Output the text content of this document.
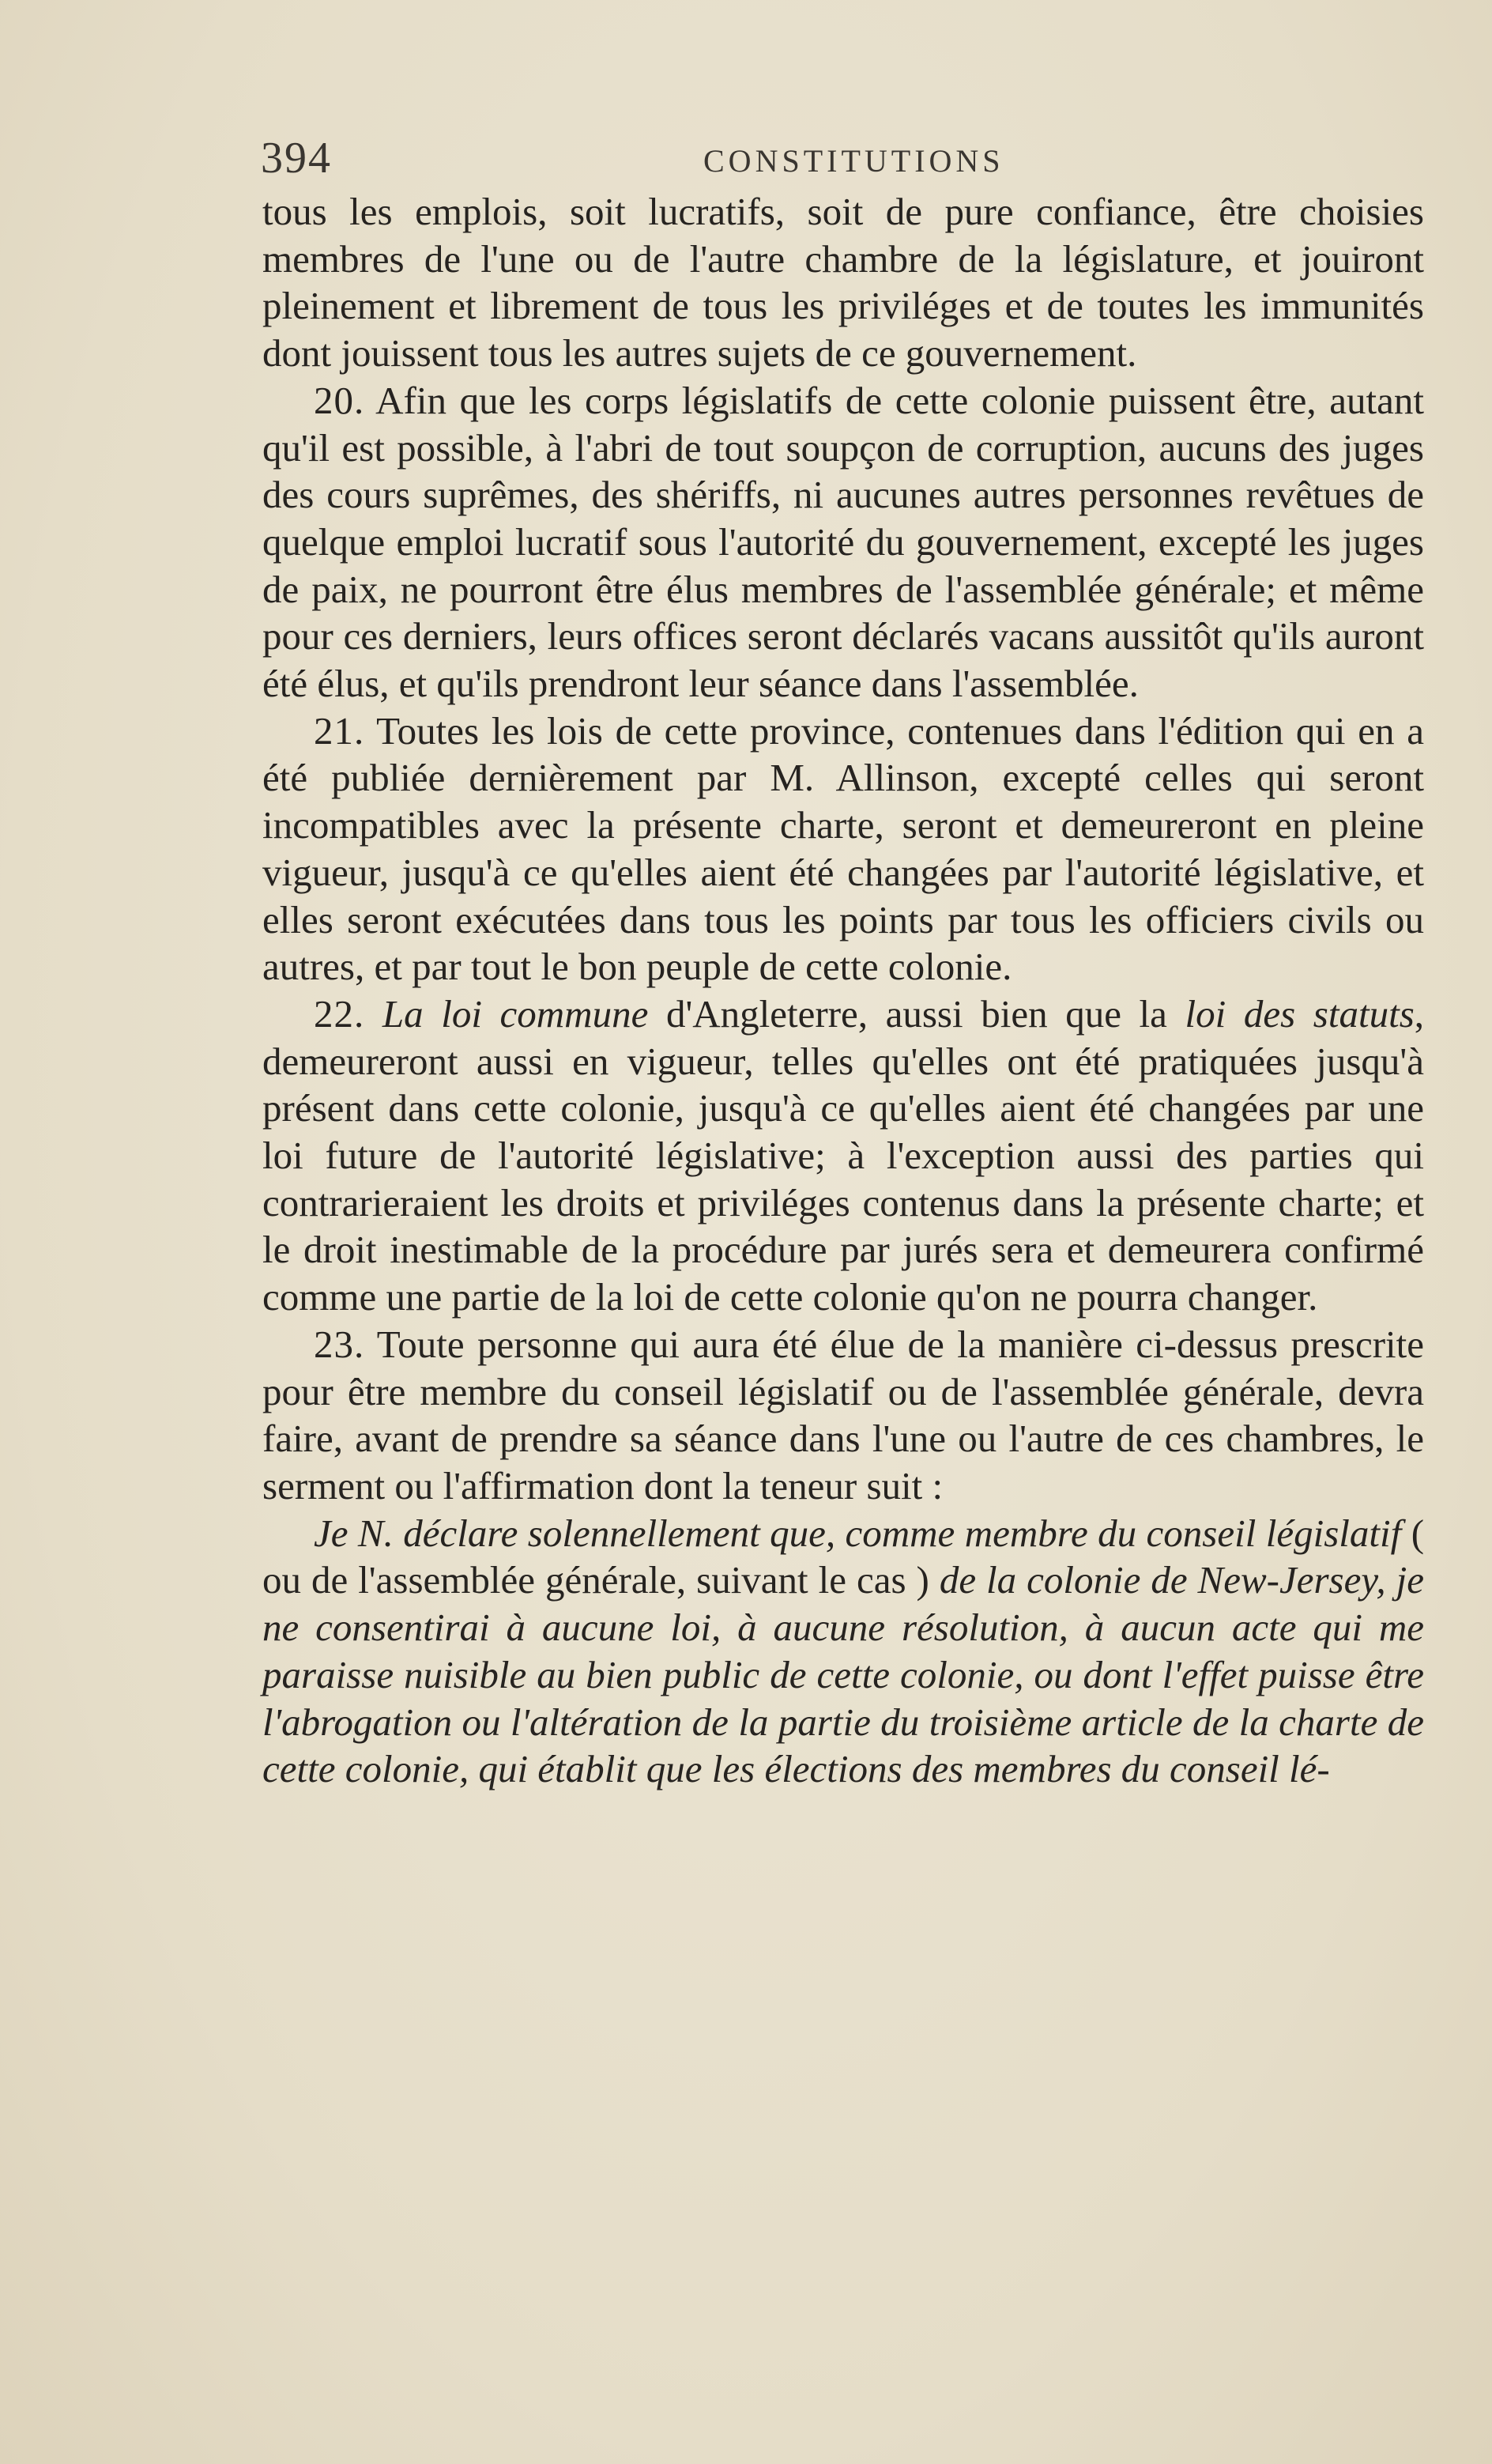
394	CONSTITUTIONS

tous les emplois, soit lucratifs, soit de pure confiance, être choisies membres de l'une ou de l'autre chambre de la législature, et jouiront pleinement et librement de tous les priviléges et de toutes les immunités dont jouissent tous les autres sujets de ce gouvernement.

20. Afin que les corps législatifs de cette colonie puissent être, autant qu'il est possible, à l'abri de tout soupçon de corruption, aucuns des juges des cours suprêmes, des shériffs, ni aucunes autres personnes revêtues de quelque emploi lucratif sous l'autorité du gouvernement, excepté les juges de paix, ne pourront être élus membres de l'assemblée générale; et même pour ces derniers, leurs offices seront déclarés vacans aussitôt qu'ils auront été élus, et qu'ils prendront leur séance dans l'assemblée.

21. Toutes les lois de cette province, contenues dans l'édition qui en a été publiée dernièrement par M. Allinson, excepté celles qui seront incompatibles avec la présente charte, seront et demeureront en pleine vigueur, jusqu'à ce qu'elles aient été changées par l'autorité législative, et elles seront exécutées dans tous les points par tous les officiers civils ou autres, et par tout le bon peuple de cette colonie.

22. La loi commune d'Angleterre, aussi bien que la loi des statuts, demeureront aussi en vigueur, telles qu'elles ont été pratiquées jusqu'à présent dans cette colonie, jusqu'à ce qu'elles aient été changées par une loi future de l'autorité législative; à l'exception aussi des parties qui contrarieraient les droits et priviléges contenus dans la présente charte; et le droit inestimable de la procédure par jurés sera et demeurera confirmé comme une partie de la loi de cette colonie qu'on ne pourra changer.

23. Toute personne qui aura été élue de la manière ci-dessus prescrite pour être membre du conseil législatif ou de l'assemblée générale, devra faire, avant de prendre sa séance dans l'une ou l'autre de ces chambres, le serment ou l'affirmation dont la teneur suit :

Je N. déclare solennellement que, comme membre du conseil législatif ( ou de l'assemblée générale, suivant le cas ) de la colonie de New-Jersey, je ne consentirai à aucune loi, à aucune résolution, à aucun acte qui me paraisse nuisible au bien public de cette colonie, ou dont l'effet puisse être l'abrogation ou l'altération de la partie du troisième article de la charte de cette colonie, qui établit que les élections des membres du conseil lé-
